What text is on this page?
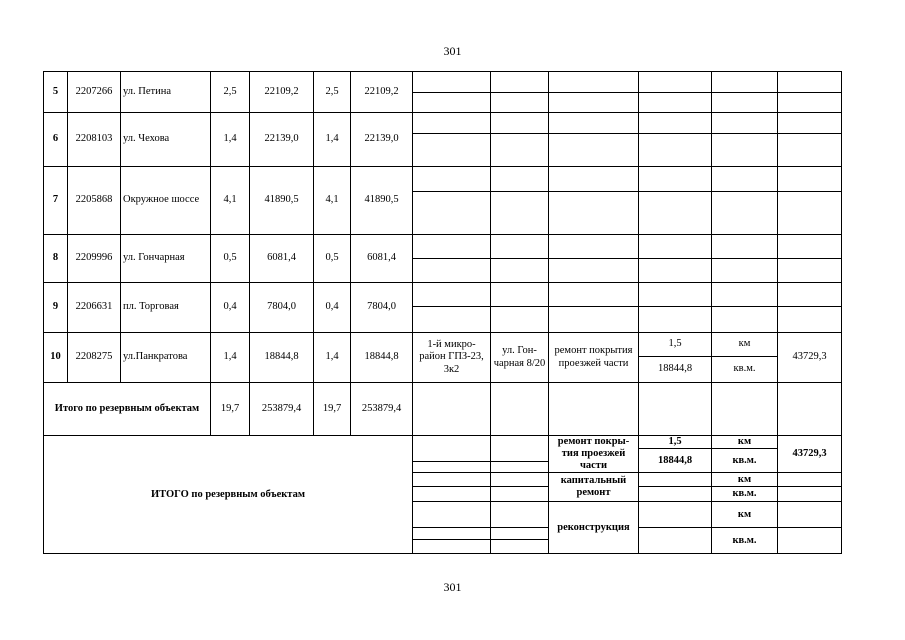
301
5	2207266	ул. Петина	2,5	22109,2	2,5	22109,2						

6	2208103	ул. Чехова	1,4	22139,0	1,4	22139,0						

7	2205868	Окружное шоссе	4,1	41890,5	4,1	41890,5						

8	2209996	ул. Гончарная	0,5	6081,4	0,5	6081,4						

9	2206631	пл. Торговая	0,4	7804,0	0,4	7804,0						

10	2208275	ул.Панкратова	1,4	18844,8	1,4	18844,8	1-й микро-район ГПЗ-23, 3к2	ул. Гон-чарная 8/20	ремонт покрытия проезжей части	1,5	км	43729,3
										18844,8	кв.м.	
Итого по резервным объектам			19,7	253879,4	19,7	253879,4						
ИТОГО по резервным объектам									ремонт покры-тия проезжей части	1,5	км	43729,3
										18844,8	кв.м.	

									капитальный ремонт		км	
											кв.м.	
									реконструкция		км	
											кв.м.	

301
